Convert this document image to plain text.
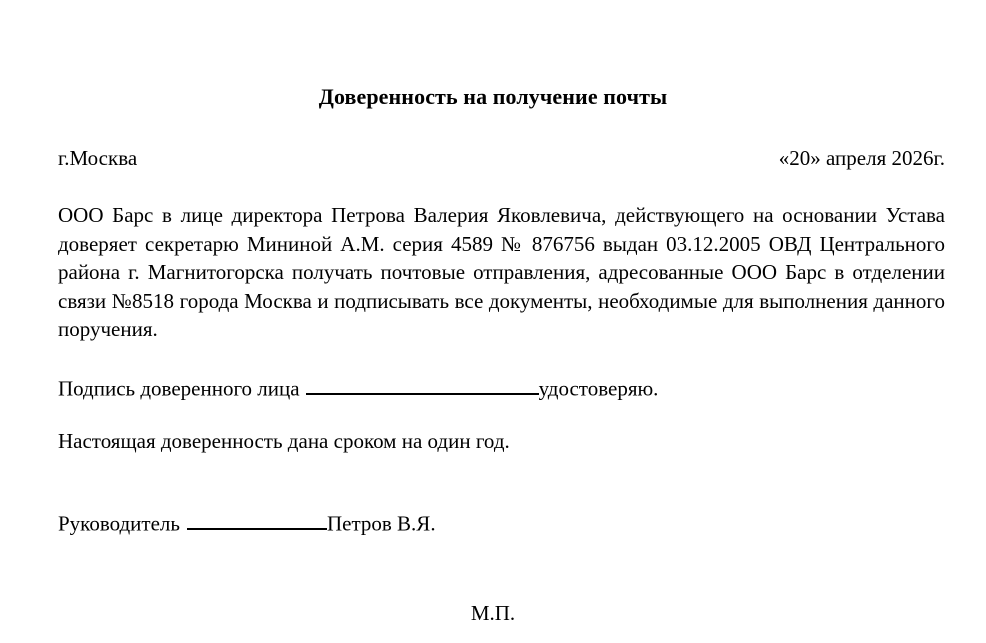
Доверенность на получение почты
г.Москва	«20» апреля 2026г.

ООО Барс в лице директора Петрова Валерия Яковлевича, действующего на основании Устава доверяет секретарю Мининой А.М. серия 4589 № 876756 выдан 03.12.2005 ОВД Центрального района г. Магнитогорска получать почтовые отправления, адресованные ООО Барс в отделении связи №8518 города Москва и подписывать все документы, необходимые для выполнения данного поручения.

Подпись доверенного лица	удостоверяю.
Настоящая доверенность дана сроком на один год.
Руководитель	Петров В.Я.
М.П.
